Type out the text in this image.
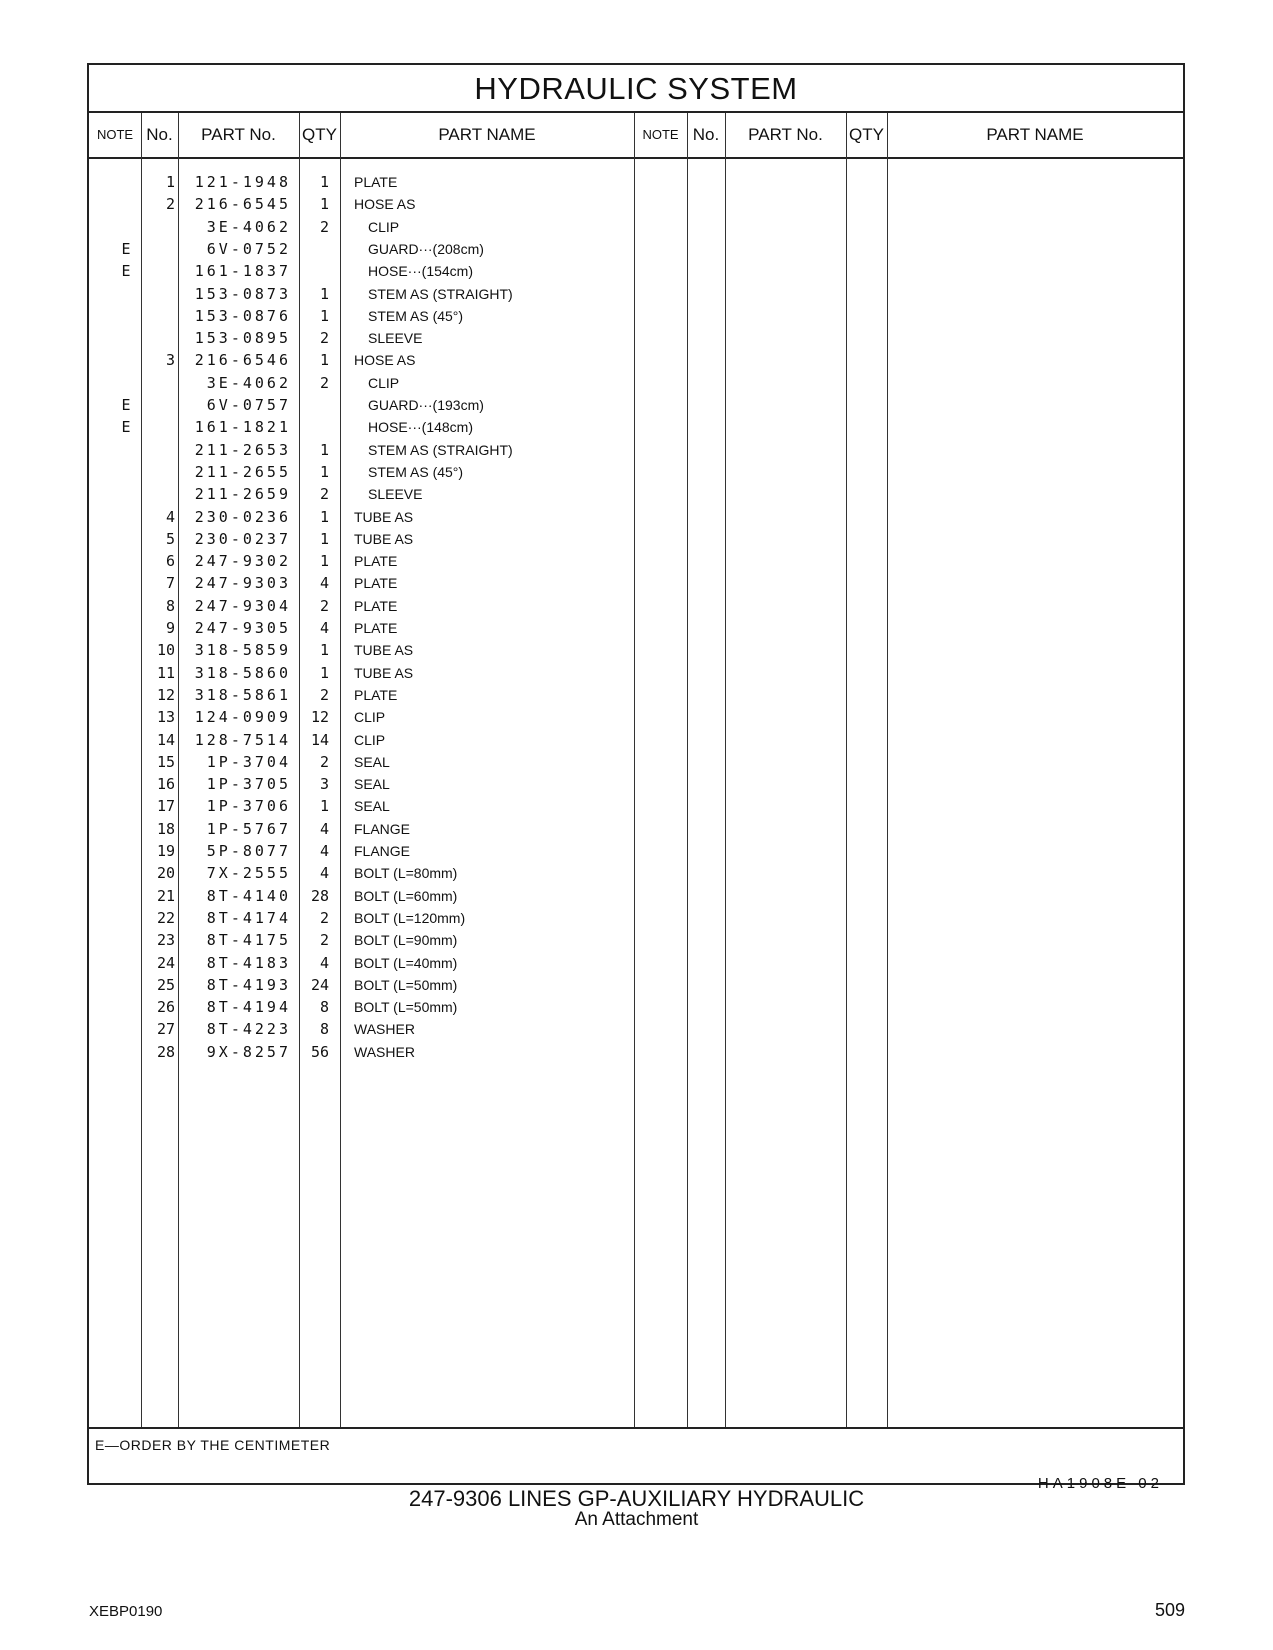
HYDRAULIC SYSTEM
NOTE No.	PART No.	QTY	PART NAME	NOTE No.	PART No.	QTY	PART NAME
1	121-1948	1 PLATE
2	216-6545	1 HOSE AS
3E-4062	2	CLIP
E	6V-0752	GUARD···(208cm)
E	161-1837	HOSE···(154cm)
153-0873	1	STEM AS (STRAIGHT)
153-0876	1	STEM AS (45°)
153-0895	2	SLEEVE
3	216-6546	1 HOSE AS
3E-4062	2	CLIP
E	6V-0757	GUARD···(193cm)
E	161-1821	HOSE···(148cm)
211-2653	1	STEM AS (STRAIGHT)
211-2655	1	STEM AS (45°)
211-2659	2	SLEEVE
4	230-0236	1 TUBE AS
5	230-0237	1 TUBE AS
6	247-9302	1 PLATE
7	247-9303	4 PLATE
8	247-9304	2 PLATE
9	247-9305	4 PLATE
10	318-5859	1 TUBE AS
11	318-5860	1 TUBE AS
12	318-5861	2 PLATE
13	124-0909	12 CLIP
14	128-7514	14 CLIP
15	1P-3704	2 SEAL
16	1P-3705	3 SEAL
17	1P-3706	1 SEAL
18	1P-5767	4 FLANGE
19	5P-8077	4 FLANGE
20	7X-2555	4 BOLT (L=80mm)
21	8T-4140	28 BOLT (L=60mm)
22	8T-4174	2 BOLT (L=120mm)
23	8T-4175	2 BOLT (L=90mm)
24	8T-4183	4 BOLT (L=40mm)
25	8T-4193	24 BOLT (L=50mm)
26	8T-4194	8 BOLT (L=50mm)
27	8T-4223	8 WASHER
28	9X-8257	56 WASHER
E—ORDER BY THE CENTIMETER
HA1908E 02
247-9306 LINES GP-AUXILIARY HYDRAULIC
An Attachment
XEBP0190	509
